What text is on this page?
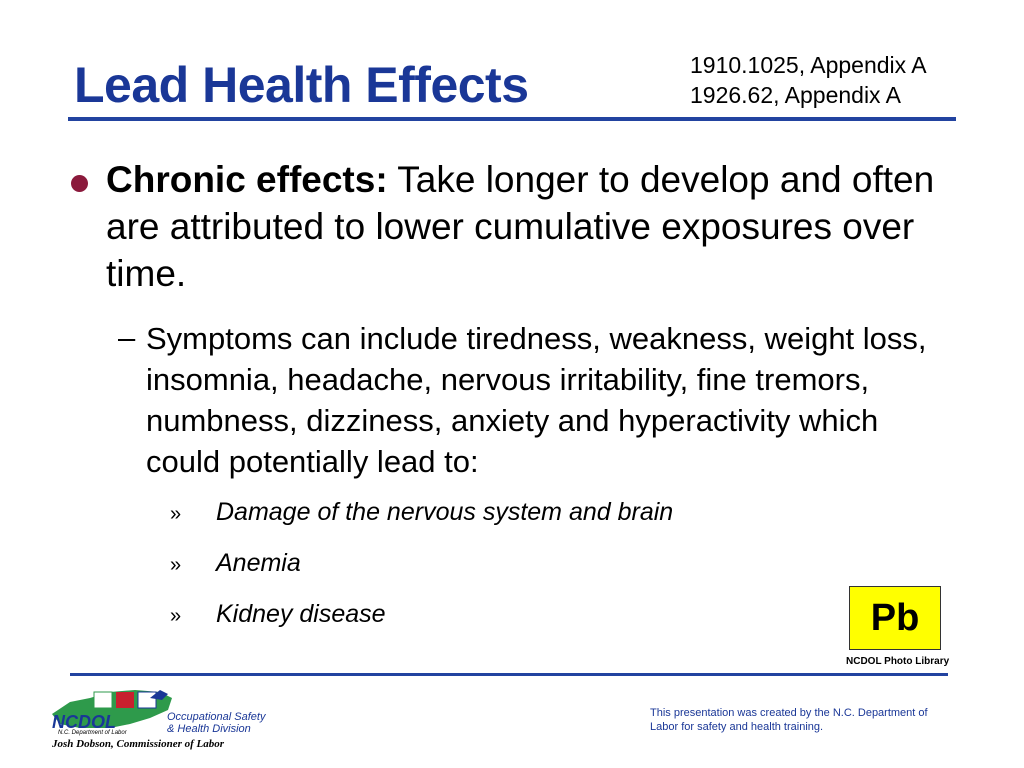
Lead Health Effects	1910.1025, Appendix A
1926.62, Appendix A
Chronic effects: Take longer to develop and often are attributed to lower cumulative exposures over time.
– Symptoms can include tiredness, weakness, weight loss, insomnia, headache, nervous irritability, fine tremors, numbness, dizziness, anxiety and hyperactivity which could potentially lead to:
» Damage of the nervous system and brain
» Anemia
» Kidney disease	Pb
NCDOL Photo Library
NCDOL
N.C. Department of Labor
Occupational Safety
& Health Division
Josh Dobson, Commissioner of Labor
This presentation was created by the N.C. Department of Labor for safety and health training.
